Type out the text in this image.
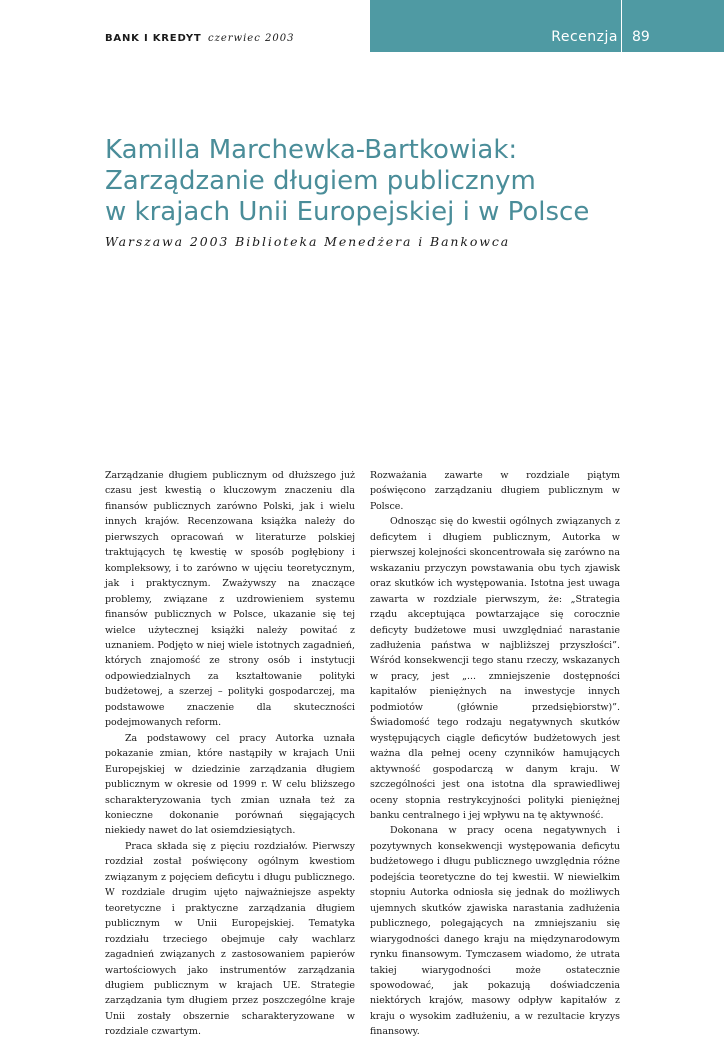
BANK I KREDYT czerwiec 2003	Recenzja 89
Kamilla Marchewka-Bartkowiak:
Zarządzanie długiem publicznym
w krajach Unii Europejskiej i w Polsce
Warszawa 2003 Biblioteka Menedżera i Bankowca

Zarządzanie długiem publicznym od dłuższego już czasu jest kwestią o kluczowym znaczeniu dla finansów publicznych zarówno Polski, jak i wielu innych krajów. Recenzowana książka należy do pierwszych opracowań w literaturze polskiej traktujących tę kwestię w sposób pogłębiony i kompleksowy, i to zarówno w ujęciu teoretycznym, jak i praktycznym. Zważywszy na znaczące problemy, związane z uzdrowieniem systemu finansów publicznych w Polsce, ukazanie się tej wielce użytecznej książki należy powitać z uznaniem. Podjęto w niej wiele istotnych zagadnień, których znajomość ze strony osób i instytucji odpowiedzialnych za kształtowanie polityki budżetowej, a szerzej – polityki gospodarczej, ma podstawowe znaczenie dla skuteczności podejmowanych reform.

Za podstawowy cel pracy Autorka uznała pokazanie zmian, które nastąpiły w krajach Unii Europejskiej w dziedzinie zarządzania długiem publicznym w okresie od 1999 r. W celu bliższego scharakteryzowania tych zmian uznała też za konieczne dokonanie porównań sięgających niekiedy nawet do lat osiemdziesiątych.

Praca składa się z pięciu rozdziałów. Pierwszy rozdział został poświęcony ogólnym kwestiom związanym z pojęciem deficytu i długu publicznego. W rozdziale drugim ujęto najważniejsze aspekty teoretyczne i praktyczne zarządzania długiem publicznym w Unii Europejskiej. Tematyka rozdziału trzeciego obejmuje cały wachlarz zagadnień związanych z zastosowaniem papierów wartościowych jako instrumentów zarządzania długiem publicznym w krajach UE. Strategie zarządzania tym długiem przez poszczególne kraje Unii zostały obszernie scharakteryzowane w rozdziale czwartym.

Rozważania zawarte w rozdziale piątym poświęcono zarządzaniu długiem publicznym w Polsce.

Odnosząc się do kwestii ogólnych związanych z deficytem i długiem publicznym, Autorka w pierwszej kolejności skoncentrowała się zarówno na wskazaniu przyczyn powstawania obu tych zjawisk oraz skutków ich występowania. Istotna jest uwaga zawarta w rozdziale pierwszym, że: „Strategia rządu akceptująca powtarzające się corocznie deficyty budżetowe musi uwzględniać narastanie zadłużenia państwa w najbliższej przyszłości”. Wśród konsekwencji tego stanu rzeczy, wskazanych w pracy, jest „... zmniejszenie dostępności kapitałów pieniężnych na inwestycje innych podmiotów (głównie przedsiębiorstw)”. Świadomość tego rodzaju negatywnych skutków występujących ciągle deficytów budżetowych jest ważna dla pełnej oceny czynników hamujących aktywność gospodarczą w danym kraju. W szczególności jest ona istotna dla sprawiedliwej oceny stopnia restrykcyjności polityki pieniężnej banku centralnego i jej wpływu na tę aktywność.

Dokonana w pracy ocena negatywnych i pozytywnych konsekwencji występowania deficytu budżetowego i długu publicznego uwzględnia różne podejścia teoretyczne do tej kwestii. W niewielkim stopniu Autorka odniosła się jednak do możliwych ujemnych skutków zjawiska narastania zadłużenia publicznego, polegających na zmniejszaniu się wiarygodności danego kraju na międzynarodowym rynku finansowym. Tymczasem wiadomo, że utrata takiej wiarygodności może ostatecznie spowodować, jak pokazują doświadczenia niektórych krajów, masowy odpływ kapitałów z kraju o wysokim zadłużeniu, a w rezultacie kryzys finansowy.
